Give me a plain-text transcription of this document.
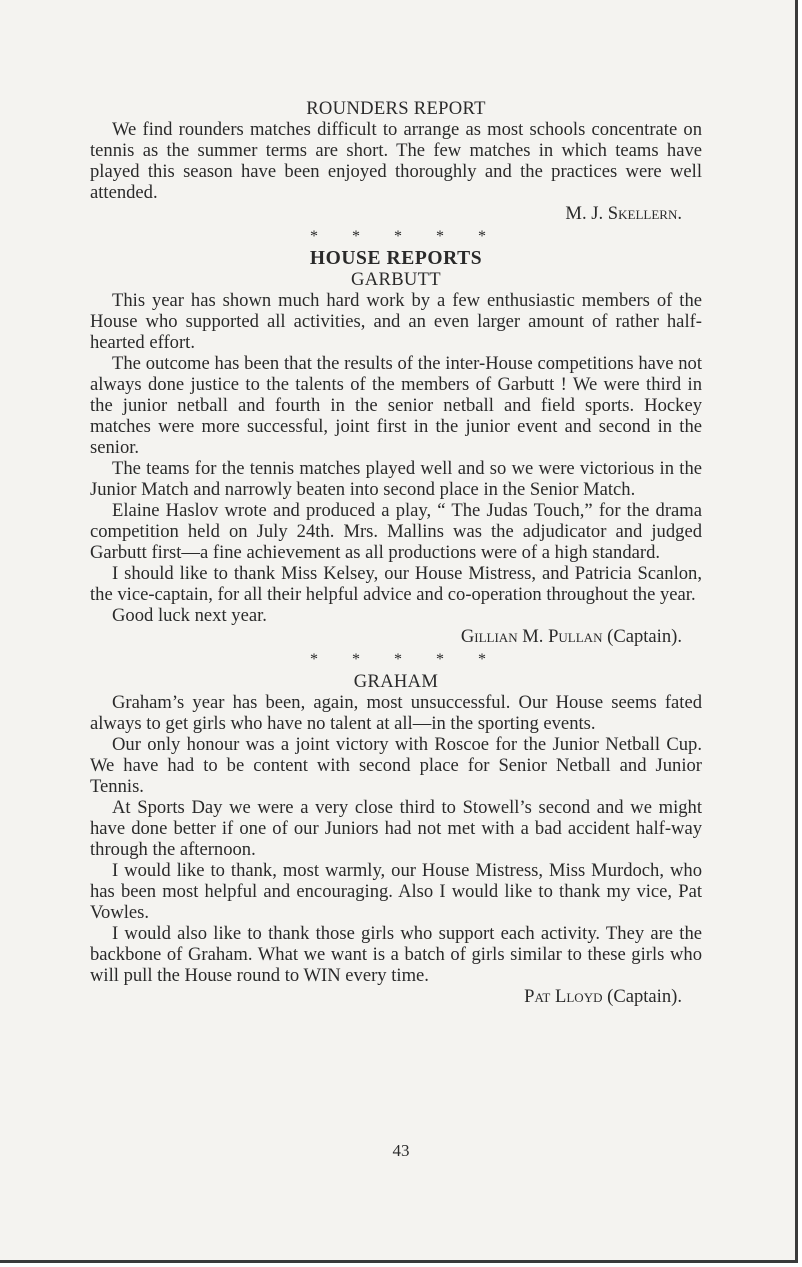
ROUNDERS REPORT

We find rounders matches difficult to arrange as most schools concentrate on tennis as the summer terms are short. The few matches in which teams have played this season have been enjoyed thoroughly and the practices were well attended.

M. J. Skellern.
* * * * *
HOUSE REPORTS
GARBUTT

This year has shown much hard work by a few enthusiastic members of the House who supported all activities, and an even larger amount of rather half-hearted effort.

The outcome has been that the results of the inter-House competitions have not always done justice to the talents of the members of Garbutt ! We were third in the junior netball and fourth in the senior netball and field sports. Hockey matches were more successful, joint first in the junior event and second in the senior.

The teams for the tennis matches played well and so we were victorious in the Junior Match and narrowly beaten into second place in the Senior Match.

Elaine Haslov wrote and produced a play, “ The Judas Touch,” for the drama competition held on July 24th. Mrs. Mallins was the adjudicator and judged Garbutt first—a fine achievement as all productions were of a high standard.

I should like to thank Miss Kelsey, our House Mistress, and Patricia Scanlon, the vice-captain, for all their helpful advice and co-operation throughout the year.

Good luck next year.

Gillian M. Pullan
(Captain).
* * * * *
GRAHAM

Graham’s year has been, again, most unsuccessful. Our House seems fated always to get girls who have no talent at all—in the sporting events.

Our only honour was a joint victory with Roscoe for the Junior Netball Cup. We have had to be content with second place for Senior Netball and Junior Tennis.

At Sports Day we were a very close third to Stowell’s second and we might have done better if one of our Juniors had not met with a bad accident half-way through the afternoon.

I would like to thank, most warmly, our House Mistress, Miss Murdoch, who has been most helpful and encouraging. Also I would like to thank my vice, Pat Vowles.

I would also like to thank those girls who support each activity. They are the backbone of Graham. What we want is a batch of girls similar to these girls who will pull the House round to WIN every time.

Pat Lloyd
(Captain).
43
